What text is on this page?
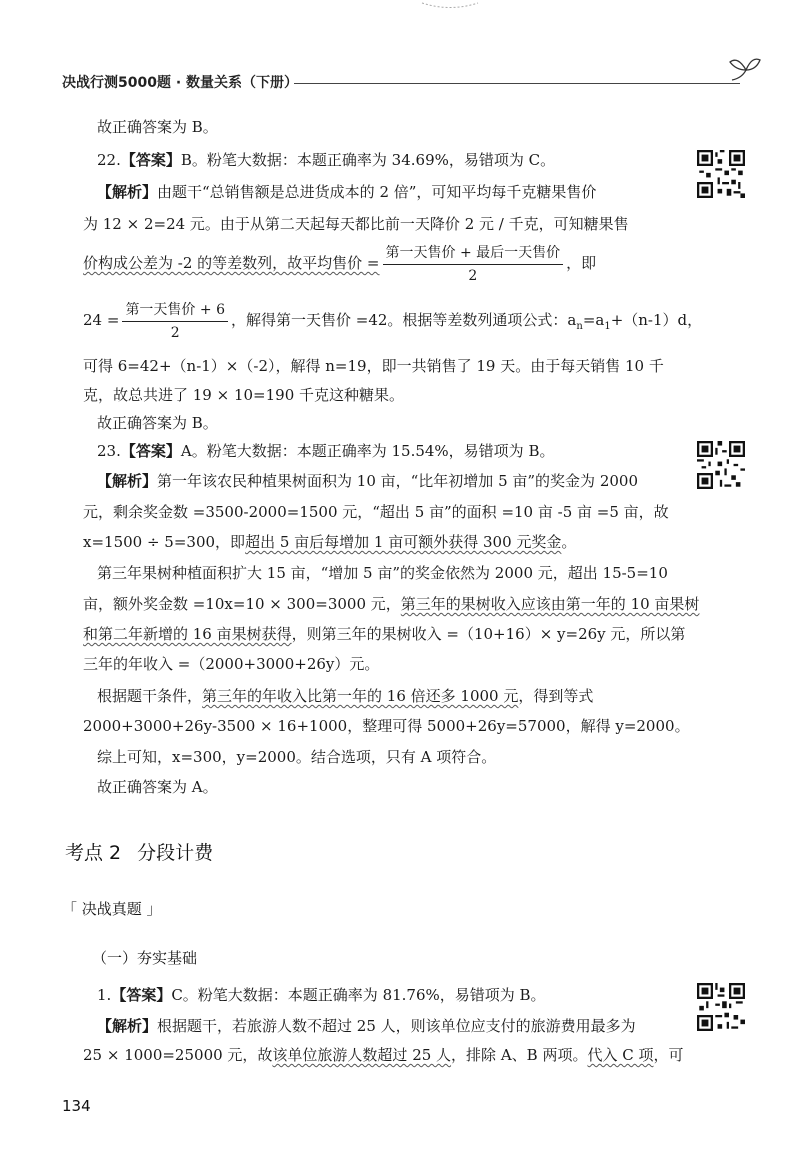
决战行测5000题 · 数量关系（下册）
故正确答案为 B。
22.【答案】B。粉笔大数据：本题正确率为 34.69%，易错项为 C。
【解析】由题干“总销售额是总进货成本的 2 倍”，可知平均每千克糖果售价
为 12 × 2=24 元。由于从第二天起每天都比前一天降价 2 元 / 千克，可知糖果售
价构成公差为 -2 的等差数列，故平均售价 = $\frac{\text{第一天售价 + 最后一天售价}}{2}$ ，即
$24 = \frac{\text{第一天售价 + 6}}{2}$ ，解得第一天售价 =42。根据等差数列通项公式：$a_n=a_1+(n-1)d$，
可得 6=42+（n-1）×（-2），解得 n=19，即一共销售了 19 天。由于每天销售 10 千
克，故总共进了 19 × 10=190 千克这种糖果。
故正确答案为 B。
23.【答案】A。粉笔大数据：本题正确率为 15.54%，易错项为 B。
【解析】第一年该农民种植果树面积为 10 亩，“比年初增加 5 亩”的奖金为 2000
元，剩余奖金数 =3500-2000=1500 元，“超出 5 亩”的面积 =10 亩 -5 亩 =5 亩，故
x=1500 ÷ 5=300，即超出 5 亩后每增加 1 亩可额外获得 300 元奖金。
第三年果树种植面积扩大 15 亩，“增加 5 亩”的奖金依然为 2000 元，超出 15-5=10
亩，额外奖金数 =10x=10 × 300=3000 元，第三年的果树收入应该由第一年的 10 亩果树
和第二年新增的 16 亩果树获得，则第三年的果树收入 =（10+16）× y=26y 元，所以第
三年的年收入 =（2000+3000+26y）元。
根据题干条件，第三年的年收入比第一年的 16 倍还多 1000 元，得到等式
2000+3000+26y-3500 × 16+1000，整理可得 5000+26y=57000，解得 y=2000。
综上可知，x=300，y=2000。结合选项，只有 A 项符合。
故正确答案为 A。
考点 2 分段计费
「 决战真题 」
（一）夯实基础
1.【答案】C。粉笔大数据：本题正确率为 81.76%，易错项为 B。
【解析】根据题干，若旅游人数不超过 25 人，则该单位应支付的旅游费用最多为
25 × 1000=25000 元，故该单位旅游人数超过 25 人，排除 A、B 两项。代入 C 项，可
134
